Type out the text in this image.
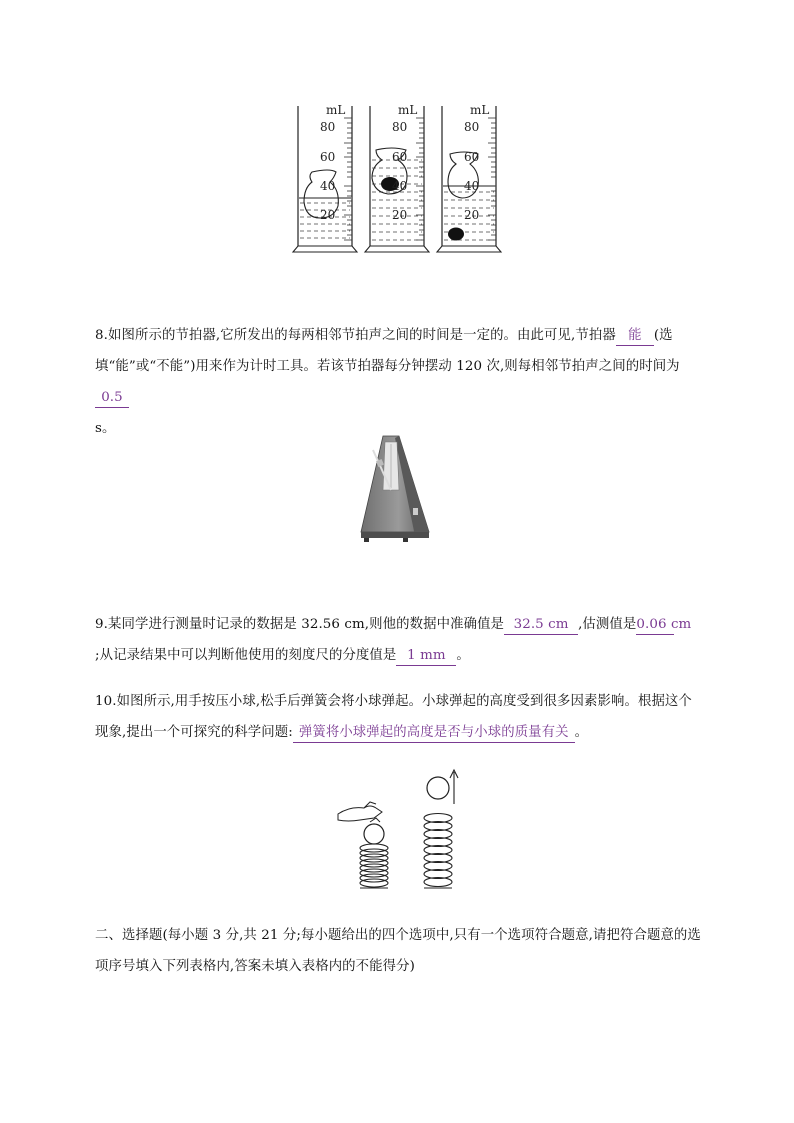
mL	mL	mL
80
60
40
20
80
60
40
20
80
60
40
20
8.如图所示的节拍器,它所发出的每两相邻节拍声之间的时间是一定的。由此可见,节拍器 能 (选填“能”或“不能”)用来作为计时工具。若该节拍器每分钟摆动 120 次,则每相邻节拍声之间的时间为0.5
s。
9.某同学进行测量时记录的数据是 32.56 cm,则他的数据中准确值是 32.5 cm ,估测值是0.06 cm
;从记录结果中可以判断他使用的刻度尺的分度值是 1 mm 。
10.如图所示,用手按压小球,松手后弹簧会将小球弹起。小球弹起的高度受到很多因素影响。根据这个现象,提出一个可探究的科学问题: 弹簧将小球弹起的高度是否与小球的质量有关 。
二、选择题(每小题 3 分,共 21 分;每小题给出的四个选项中,只有一个选项符合题意,请把符合题意的选项序号填入下列表格内,答案未填入表格内的不能得分)
